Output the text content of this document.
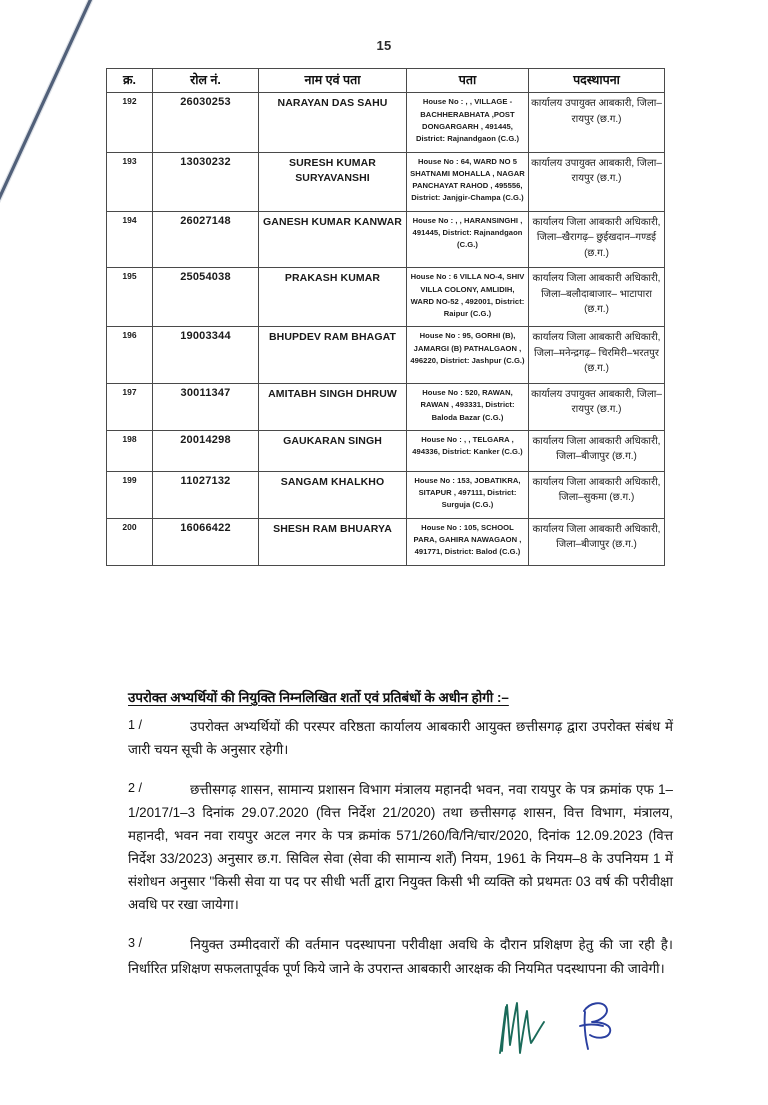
15
क्र.	रोल नं.	नाम एवं पता	पता	पदस्थापना
192	26030253	NARAYAN DAS SAHU	House No : , , VILLAGE - BACHHERABHATA ,POST DONGARGARH , 491445, District: Rajnandgaon (C.G.)	कार्यालय उपायुक्त आबकारी, जिला–रायपुर (छ.ग.)
193	13030232	SURESH KUMAR SURYAVANSHI	House No : 64, WARD NO 5 SHATNAMI MOHALLA , NAGAR PANCHAYAT RAHOD , 495556, District: Janjgir-Champa (C.G.)	कार्यालय उपायुक्त आबकारी, जिला–रायपुर (छ.ग.)
194	26027148	GANESH KUMAR KANWAR	House No : , , HARANSINGHI , 491445, District: Rajnandgaon (C.G.)	कार्यालय जिला आबकारी अधिकारी, जिला–खैरागढ़– छुईखदान–गण्डई (छ.ग.)
195	25054038	PRAKASH KUMAR	House No : 6 VILLA NO-4, SHIV VILLA COLONY, AMLIDIH, WARD NO-52 , 492001, District: Raipur (C.G.)	कार्यालय जिला आबकारी अधिकारी, जिला–बलौदाबाजार– भाटापारा (छ.ग.)
196	19003344	BHUPDEV RAM BHAGAT	House No : 95, GORHI (B), JAMARGI (B) PATHALGAON , 496220, District: Jashpur (C.G.)	कार्यालय जिला आबकारी अधिकारी, जिला–मनेन्द्रगढ़– चिरमिरी–भरतपुर (छ.ग.)
197	30011347	AMITABH SINGH DHRUW	House No : 520, RAWAN, RAWAN , 493331, District: Baloda Bazar (C.G.)	कार्यालय उपायुक्त आबकारी, जिला–रायपुर (छ.ग.)
198	20014298	GAUKARAN SINGH	House No : , , TELGARA , 494336, District: Kanker (C.G.)	कार्यालय जिला आबकारी अधिकारी, जिला–बीजापुर (छ.ग.)
199	11027132	SANGAM KHALKHO	House No : 153, JOBATIKRA, SITAPUR , 497111, District: Surguja (C.G.)	कार्यालय जिला आबकारी अधिकारी, जिला–सुकमा (छ.ग.)
200	16066422	SHESH RAM BHUARYA	House No : 105, SCHOOL PARA, GAHIRA NAWAGAON , 491771, District: Balod (C.G.)	कार्यालय जिला आबकारी अधिकारी, जिला–बीजापुर (छ.ग.)
उपरोक्त अभ्यर्थियों की नियुक्ति निम्नलिखित शर्तो एवं प्रतिबंधों के अधीन होगी :–
1 /	उपरोक्त अभ्यर्थियों की परस्पर वरिष्ठता कार्यालय आबकारी आयुक्त छत्तीसगढ़ द्वारा उपरोक्त संबंध में जारी चयन सूची के अनुसार रहेगी।
2 /	छत्तीसगढ़ शासन, सामान्य प्रशासन विभाग मंत्रालय महानदी भवन, नवा रायपुर के पत्र क्रमांक एफ 1–1/2017/1–3 दिनांक 29.07.2020 (वित्त निर्देश 21/2020) तथा छत्तीसगढ़ शासन, वित्त विभाग, मंत्रालय, महानदी, भवन नवा रायपुर अटल नगर के पत्र क्रमांक 571/260/वि/नि/चार/2020, दिनांक 12.09.2023 (वित्त निर्देश 33/2023) अनुसार छ.ग. सिविल सेवा (सेवा की सामान्य शर्तें) नियम, 1961 के नियम–8 के उपनियम 1 में संशोधन अनुसार "किसी सेवा या पद पर सीधी भर्ती द्वारा नियुक्त किसी भी व्यक्ति को प्रथमतः 03 वर्ष की परीवीक्षा अवधि पर रखा जायेगा।
3 /	नियुक्त उम्मीदवारों की वर्तमान पदस्थापना परीवीक्षा अवधि के दौरान प्रशिक्षण हेतु की जा रही है। निर्धारित प्रशिक्षण सफलतापूर्वक पूर्ण किये जाने के उपरान्त आबकारी आरक्षक की नियमित पदस्थापना की जावेगी।
